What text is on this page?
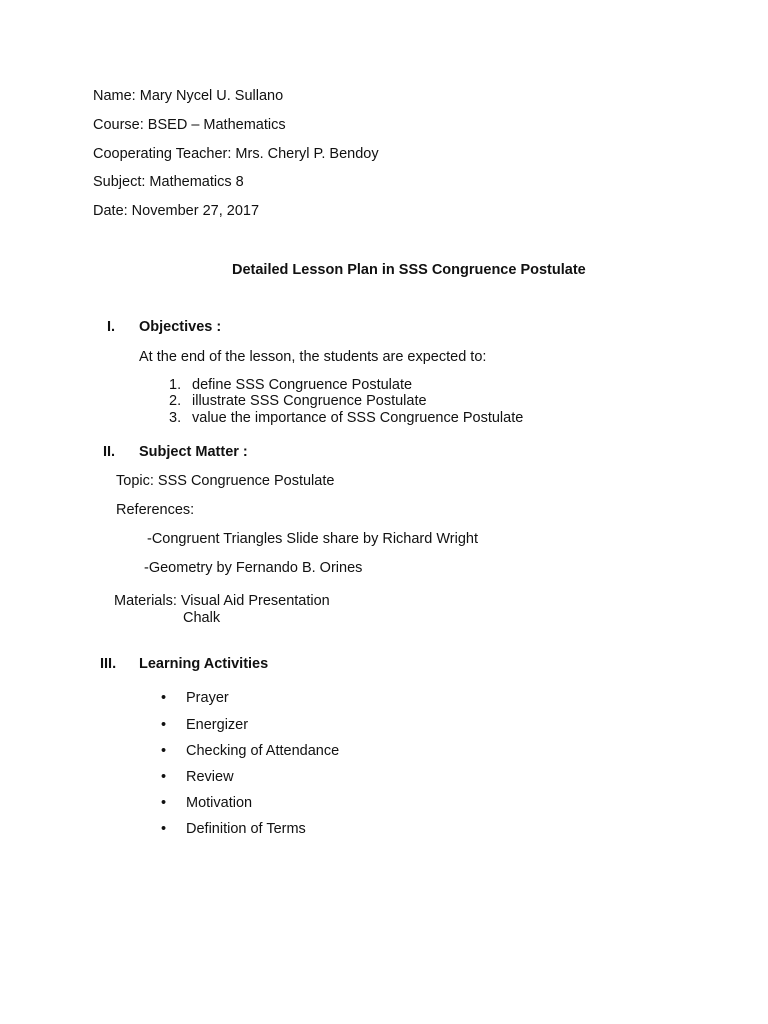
Name: Mary Nycel U. Sullano
Course: BSED – Mathematics
Cooperating Teacher: Mrs. Cheryl P. Bendoy
Subject: Mathematics 8
Date: November 27, 2017
Detailed Lesson Plan in SSS Congruence Postulate
I. Objectives :
At the end of the lesson, the students are expected to:
1. define SSS Congruence Postulate
2. illustrate SSS Congruence Postulate
3. value the importance of SSS Congruence Postulate
II. Subject Matter :
Topic: SSS Congruence Postulate
References:
-Congruent Triangles Slide share by Richard Wright
-Geometry by Fernando B. Orines
Materials: Visual Aid Presentation
Chalk
III. Learning Activities
• Prayer
• Energizer
• Checking of Attendance
• Review
• Motivation
• Definition of Terms
